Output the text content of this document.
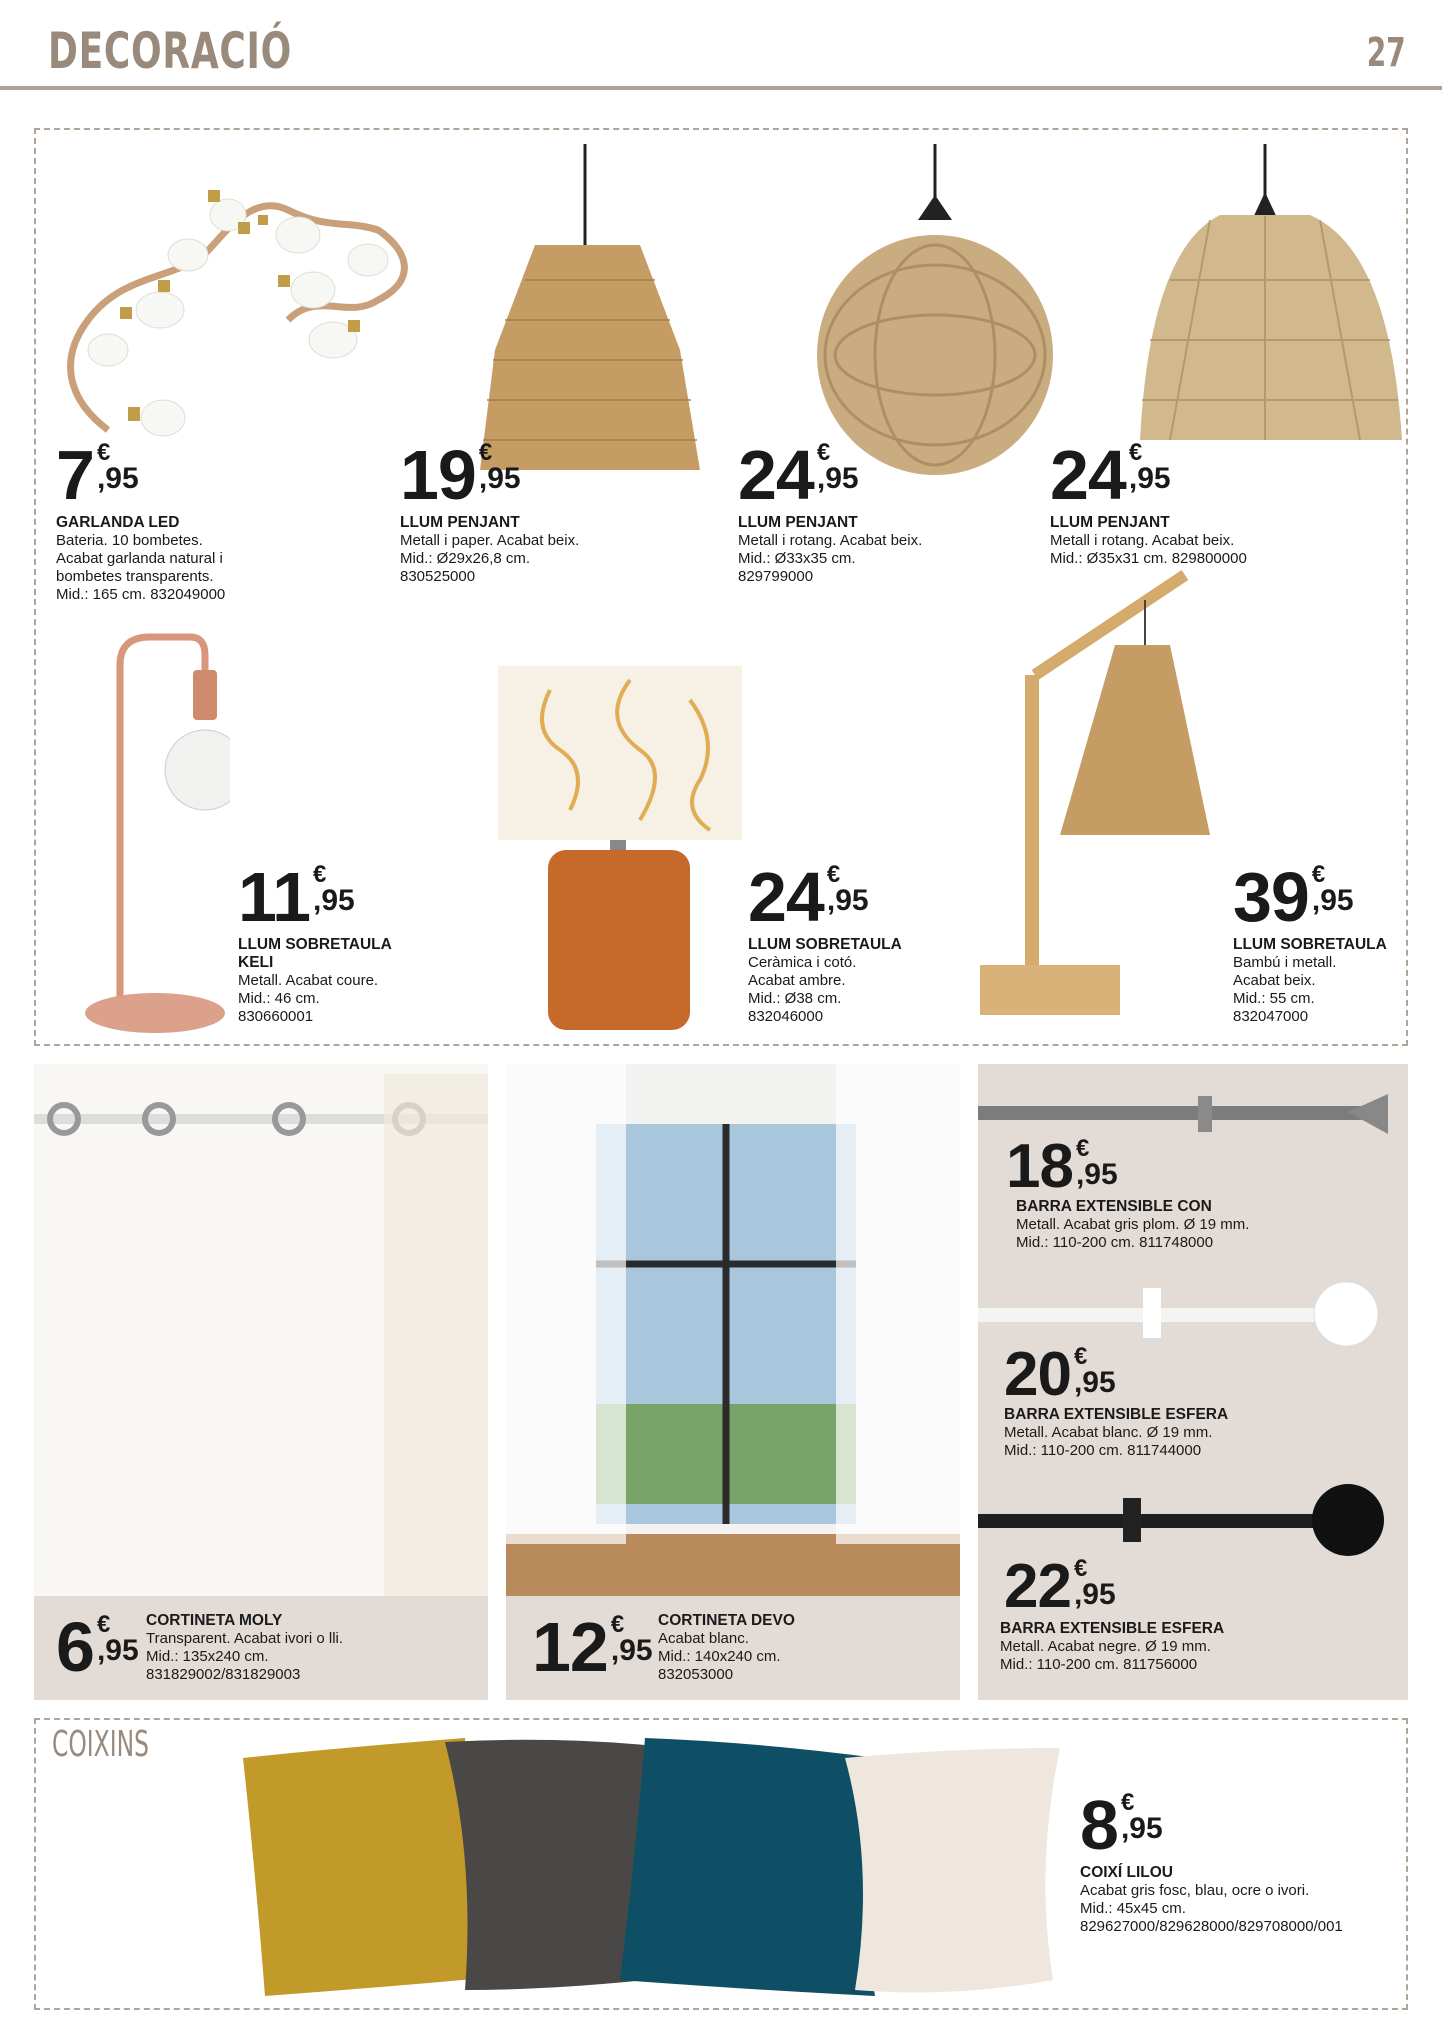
DECORACIÓ	27
7 €
,95
GARLANDA LED
Bateria. 10 bombetes.
Acabat garlanda natural i
bombetes transparents.
Mid.: 165 cm. 832049000
19 €
,95
LLUM PENJANT
Metall i paper. Acabat beix.
Mid.: Ø29x26,8 cm.
830525000
24 €
,95
LLUM PENJANT
Metall i rotang. Acabat beix.
Mid.: Ø33x35 cm.
829799000
24 €
,95
LLUM PENJANT
Metall i rotang. Acabat beix.
Mid.: Ø35x31 cm. 829800000
11 €
,95
LLUM SOBRETAULA
KELI
Metall. Acabat coure.
Mid.: 46 cm.
830660001
24 €
,95
LLUM SOBRETAULA
Ceràmica i cotó.
Acabat ambre.
Mid.: Ø38 cm.
832046000
39 €
,95
LLUM SOBRETAULA
Bambú i metall.
Acabat beix.
Mid.: 55 cm.
832047000
6 €
,95
CORTINETA MOLY
Transparent. Acabat ivori o lli.
Mid.: 135x240 cm.
831829002/831829003	12 €
,95
CORTINETA DEVO
Acabat blanc.
Mid.: 140x240 cm.
832053000
18 €
,95
BARRA EXTENSIBLE CON
Metall. Acabat gris plom. Ø 19 mm.
Mid.: 110-200 cm. 811748000
20 €
,95
BARRA EXTENSIBLE ESFERA
Metall. Acabat blanc. Ø 19 mm.
Mid.: 110-200 cm. 811744000
22 €
,95
BARRA EXTENSIBLE ESFERA
Metall. Acabat negre. Ø 19 mm.
Mid.: 110-200 cm. 811756000
COIXINS
8 €
,95
COIXÍ LILOU
Acabat gris fosc, blau, ocre o ivori.
Mid.: 45x45 cm.
829627000/829628000/829708000/001
